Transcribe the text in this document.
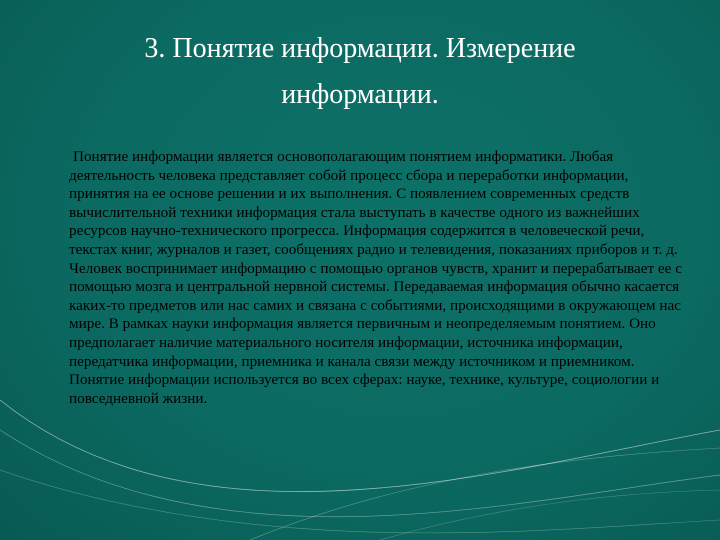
3. Понятие информации. Измерение
информации.

Понятие информации является основополагающим понятием информатики. Любая деятельность человека представляет собой процесс сбора и переработки информации, принятия на ее основе решении и их выполнения. С появлением современных средств вычислительной техники информация стала выступать в качестве одного из важнейших ресурсов научно-технического прогресса. Информация содержится в человеческой речи, текстах книг, журналов и газет, сообщениях радио и телевидения, показаниях приборов и т. д. Человек воспринимает информацию с помощью органов чувств, хранит и перерабатывает ее с помощью мозга и центральной нервной системы. Передаваемая информация обычно касается каких-то предметов или нас самих и связана с событиями, происходящими в окружающем нас мире. В рамках науки информация является первичным и неопределяемым понятием. Оно предполагает наличие материального носителя информации, источника информации, передатчика информации, приемника и канала связи между источником и приемником. Понятие информации используется во всех сферах: науке, технике, культуре, социологии и повседневной жизни.
